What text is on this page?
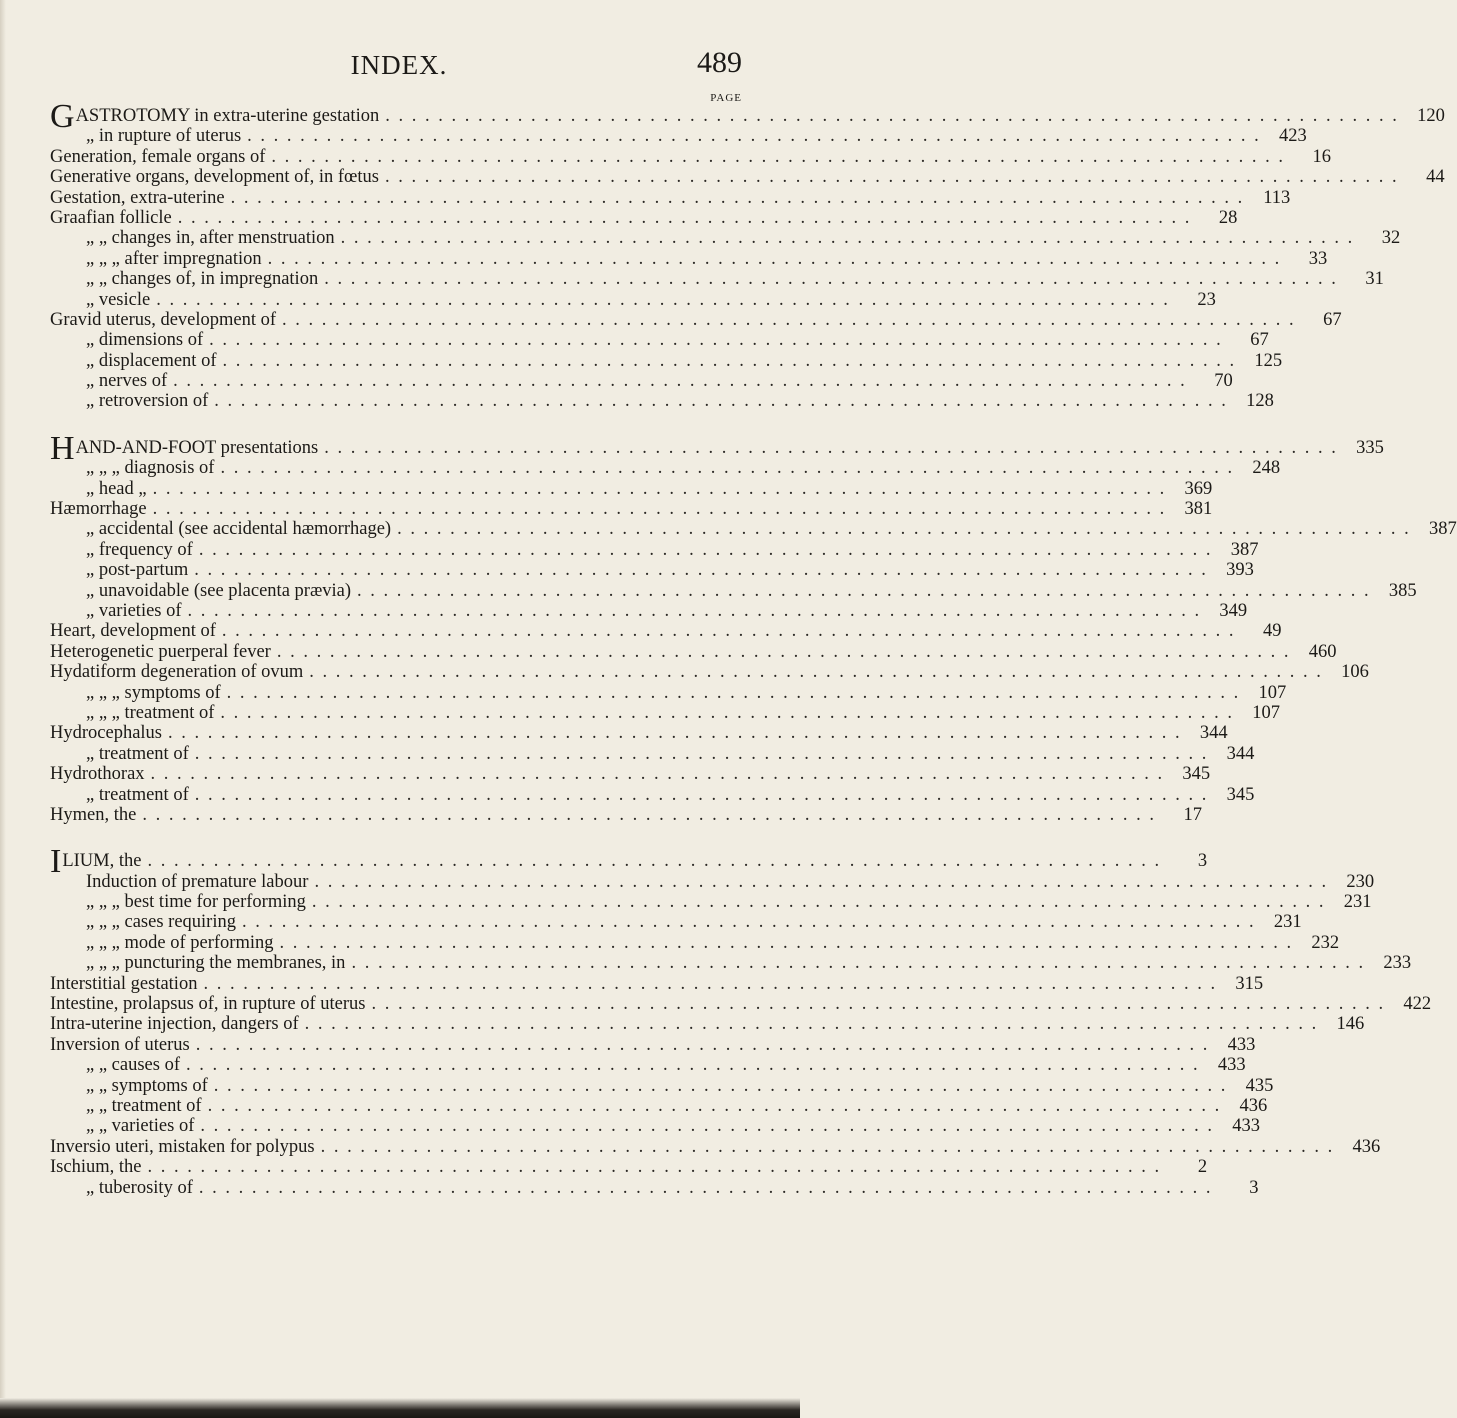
INDEX.	489
PAGE
GASTROTOMY in extra-uterine gestation . . .	120
„ in rupture of uterus . . .	423
Generation, female organs of . . .	16
Generative organs, development of, in fœtus . . .	44
Gestation, extra-uterine . . .	113
Graafian follicle . . .	28
„ „ changes in, after menstruation . . .	32
„ „ „ after impregnation . . .	33
„ „ changes of, in impregnation . . .	31
„ vesicle . . .	23
Gravid uterus, development of . . .	67
„ dimensions of . . .	67
„ displacement of . . .	125
„ nerves of . . .	70
„ retroversion of . . .	128
HAND-AND-FOOT presentations . . .	335
„ „ „ diagnosis of . . .	248
„ head „ . . .	369
Hæmorrhage . . .	381
„ accidental (see accidental hæmorrhage) . . .	387
„ frequency of . . .	387
„ post-partum . . .	393
„ unavoidable (see placenta prævia) . . .	385
„ varieties of . . .	349
Heart, development of . . .	49
Heterogenetic puerperal fever . . .	460
Hydatiform degeneration of ovum . . .	106
„ „ „ symptoms of . . .	107
„ „ „ treatment of . . .	107
Hydrocephalus . . .	344
„ treatment of . . .	344
Hydrothorax . . .	345
„ treatment of . . .	345
Hymen, the . . .	17
ILIUM, the . . .	3
Induction of premature labour . . .	230
„ „ „ best time for performing . . .	231
„ „ „ cases requiring . . .	231
„ „ „ mode of performing . . .	232
„ „ „ puncturing the membranes, in . . .	233
Interstitial gestation . . .	315
Intestine, prolapsus of, in rupture of uterus . . .	422
Intra-uterine injection, dangers of . . .	146
Inversion of uterus . . .	433
„ „ causes of . . .	433
„ „ symptoms of . . .	435
„ „ treatment of . . .	436
„ „ varieties of . . .	433
Inversio uteri, mistaken for polypus . . .	436
Ischium, the . . .	2
„ tuberosity of . . .	3
